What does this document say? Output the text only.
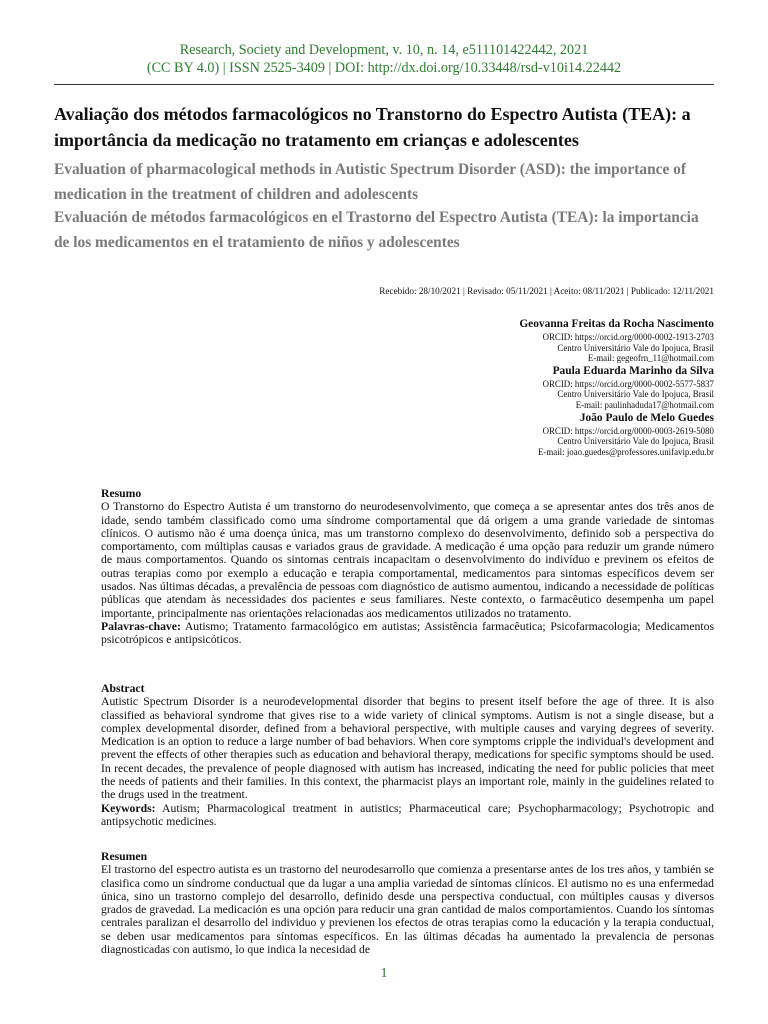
Research, Society and Development, v. 10, n. 14, e511101422442, 2021
(CC BY 4.0) | ISSN 2525-3409 | DOI: http://dx.doi.org/10.33448/rsd-v10i14.22442
Avaliação dos métodos farmacológicos no Transtorno do Espectro Autista (TEA): a importância da medicação no tratamento em crianças e adolescentes
Evaluation of pharmacological methods in Autistic Spectrum Disorder (ASD): the importance of medication in the treatment of children and adolescents
Evaluación de métodos farmacológicos en el Trastorno del Espectro Autista (TEA): la importancia de los medicamentos en el tratamiento de niños y adolescentes
Recebido: 28/10/2021 | Revisado: 05/11/2021 | Aceito: 08/11/2021 | Publicado: 12/11/2021
Geovanna Freitas da Rocha Nascimento
ORCID: https://orcid.org/0000-0002-1913-2703
Centro Universitário Vale do Ipojuca, Brasil
E-mail: gegeofrn_11@hotmail.com
Paula Eduarda Marinho da Silva
ORCID: https://orcid.org/0000-0002-5577-5837
Centro Universitário Vale do Ipojuca, Brasil
E-mail: paulinhaduda17@hotmail.com
João Paulo de Melo Guedes
ORCID: https://orcid.org/0000-0003-2619-5080
Centro Universitário Vale do Ipojuca, Brasil
E-mail: joao.guedes@professores.unifavip.edu.br
Resumo

O Transtorno do Espectro Autista é um transtorno do neurodesenvolvimento, que começa a se apresentar antes dos três anos de idade, sendo também classificado como uma síndrome comportamental que dá origem a uma grande variedade de sintomas clínicos. O autismo não é uma doença única, mas um transtorno complexo do desenvolvimento, definido sob a perspectiva do comportamento, com múltiplas causas e variados graus de gravidade. A medicação é uma opção para reduzir um grande número de maus comportamentos. Quando os sintomas centrais incapacitam o desenvolvimento do indivíduo e previnem os efeitos de outras terapias como por exemplo a educação e terapia comportamental, medicamentos para sintomas específicos devem ser usados. Nas últimas décadas, a prevalência de pessoas com diagnóstico de autismo aumentou, indicando a necessidade de políticas públicas que atendam às necessidades dos pacientes e seus familiares. Neste contexto, o farmacêutico desempenha um papel importante, principalmente nas orientações relacionadas aos medicamentos utilizados no tratamento.

Palavras-chave: Autismo; Tratamento farmacológico em autistas; Assistência farmacêutica; Psicofarmacologia; Medicamentos psicotrópicos e antipsicóticos.

Abstract

Autistic Spectrum Disorder is a neurodevelopmental disorder that begins to present itself before the age of three. It is also classified as behavioral syndrome that gives rise to a wide variety of clinical symptoms. Autism is not a single disease, but a complex developmental disorder, defined from a behavioral perspective, with multiple causes and varying degrees of severity. Medication is an option to reduce a large number of bad behaviors. When core symptoms cripple the individual's development and prevent the effects of other therapies such as education and behavioral therapy, medications for specific symptoms should be used. In recent decades, the prevalence of people diagnosed with autism has increased, indicating the need for public policies that meet the needs of patients and their families. In this context, the pharmacist plays an important role, mainly in the guidelines related to the drugs used in the treatment.

Keywords: Autism; Pharmacological treatment in autistics; Pharmaceutical care; Psychopharmacology; Psychotropic and antipsychotic medicines.

Resumen

El trastorno del espectro autista es un trastorno del neurodesarrollo que comienza a presentarse antes de los tres años, y también se clasifica como un síndrome conductual que da lugar a una amplia variedad de síntomas clínicos. El autismo no es una enfermedad única, sino un trastorno complejo del desarrollo, definido desde una perspectiva conductual, con múltiples causas y diversos grados de gravedad. La medicación es una opción para reducir una gran cantidad de malos comportamientos. Cuando los síntomas centrales paralizan el desarrollo del individuo y previenen los efectos de otras terapias como la educación y la terapia conductual, se deben usar medicamentos para síntomas específicos. En las últimas décadas ha aumentado la prevalencia de personas diagnosticadas con autismo, lo que indica la necesidad de

1
